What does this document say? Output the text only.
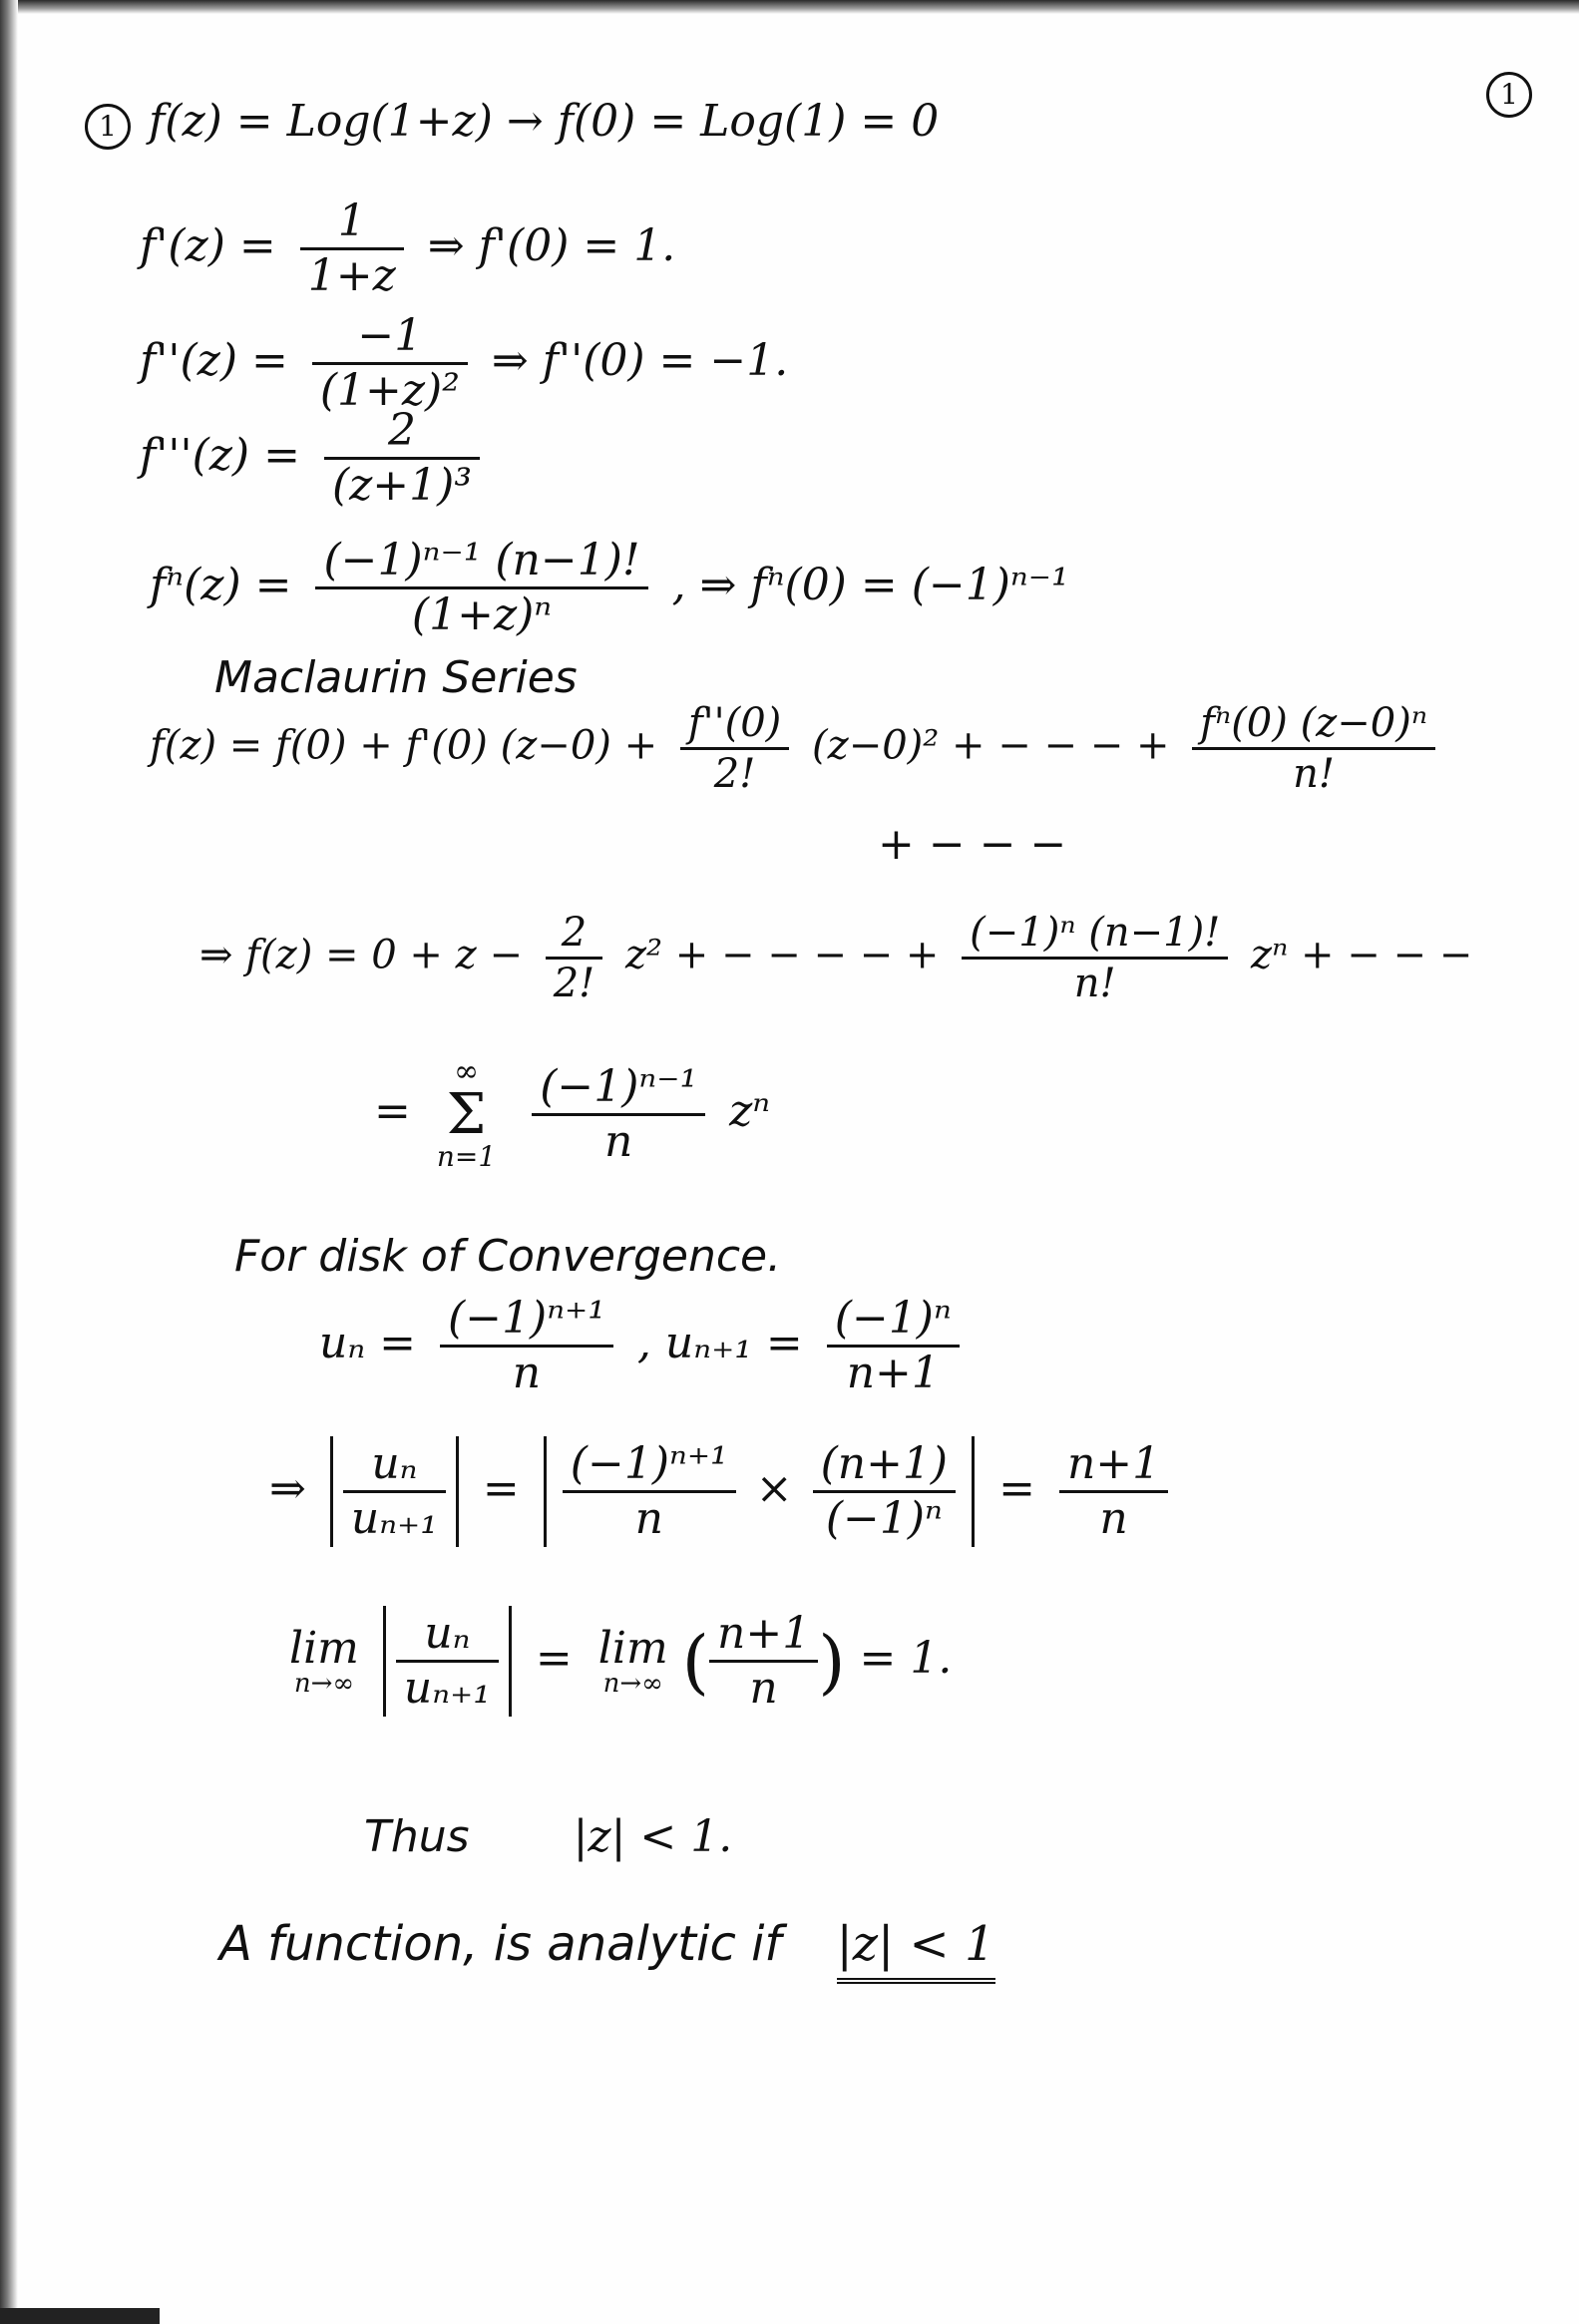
1
1 f(z) = Log(1+z) → f(0) = Log(1) = 0
$f'(z) = \frac{1}{1+z}$ ⇒ f'(0) = 1.
$f''(z) = \frac{-1}{\text{(1+z)²}}$ ⇒ f''(0) = −1.
$f'''(z) = \frac{2}{\text{(z+1)³}}$
$f^n(z) = \frac{\text{(−1)ⁿ⁻¹ (n−1)!}}{\text{(1+z)ⁿ}}$ , ⇒ fⁿ(0) = (−1)ⁿ⁻¹
Maclaurin Series
f(z) = f(0) + f'(0) $(z-0) + \frac{f''(0)}{2!} (z-0)^2$ + − − − + $\frac{\text{fⁿ(0) (z−0)ⁿ}}{n!}$
+ − − −
⇒ $f(z) = 0 + z - \frac{2}{2!} z^2$ + − − − − + $\frac{\text{(−1)ⁿ (n−1)!}}{n!}$ zⁿ + − − −
=
∞
Σ
n=1
$\frac{\text{(−1)ⁿ⁻¹}}{n}$ zⁿ
For disk of Convergence.
$u_n = \frac{\text{(−1)ⁿ⁺¹}}{n}$ , $u_{n+1} = \frac{\text{(−1)ⁿ}}{n+1}$
⇒ $\frac{\text{uₙ}}{\text{uₙ₊₁}} = \frac{\text{(−1)ⁿ⁺¹}}{n} \times \frac{(n+1)}{\text{(−1)ⁿ}} = \frac{n+1}{n}$
lim
n→∞
$\frac{\text{uₙ}}{\text{uₙ₊₁}} = \lim$
n→∞ ( $\frac{n+1}{n}$ ) = 1.
Thus |z| < 1.
A function, is analytic if |z| < 1
